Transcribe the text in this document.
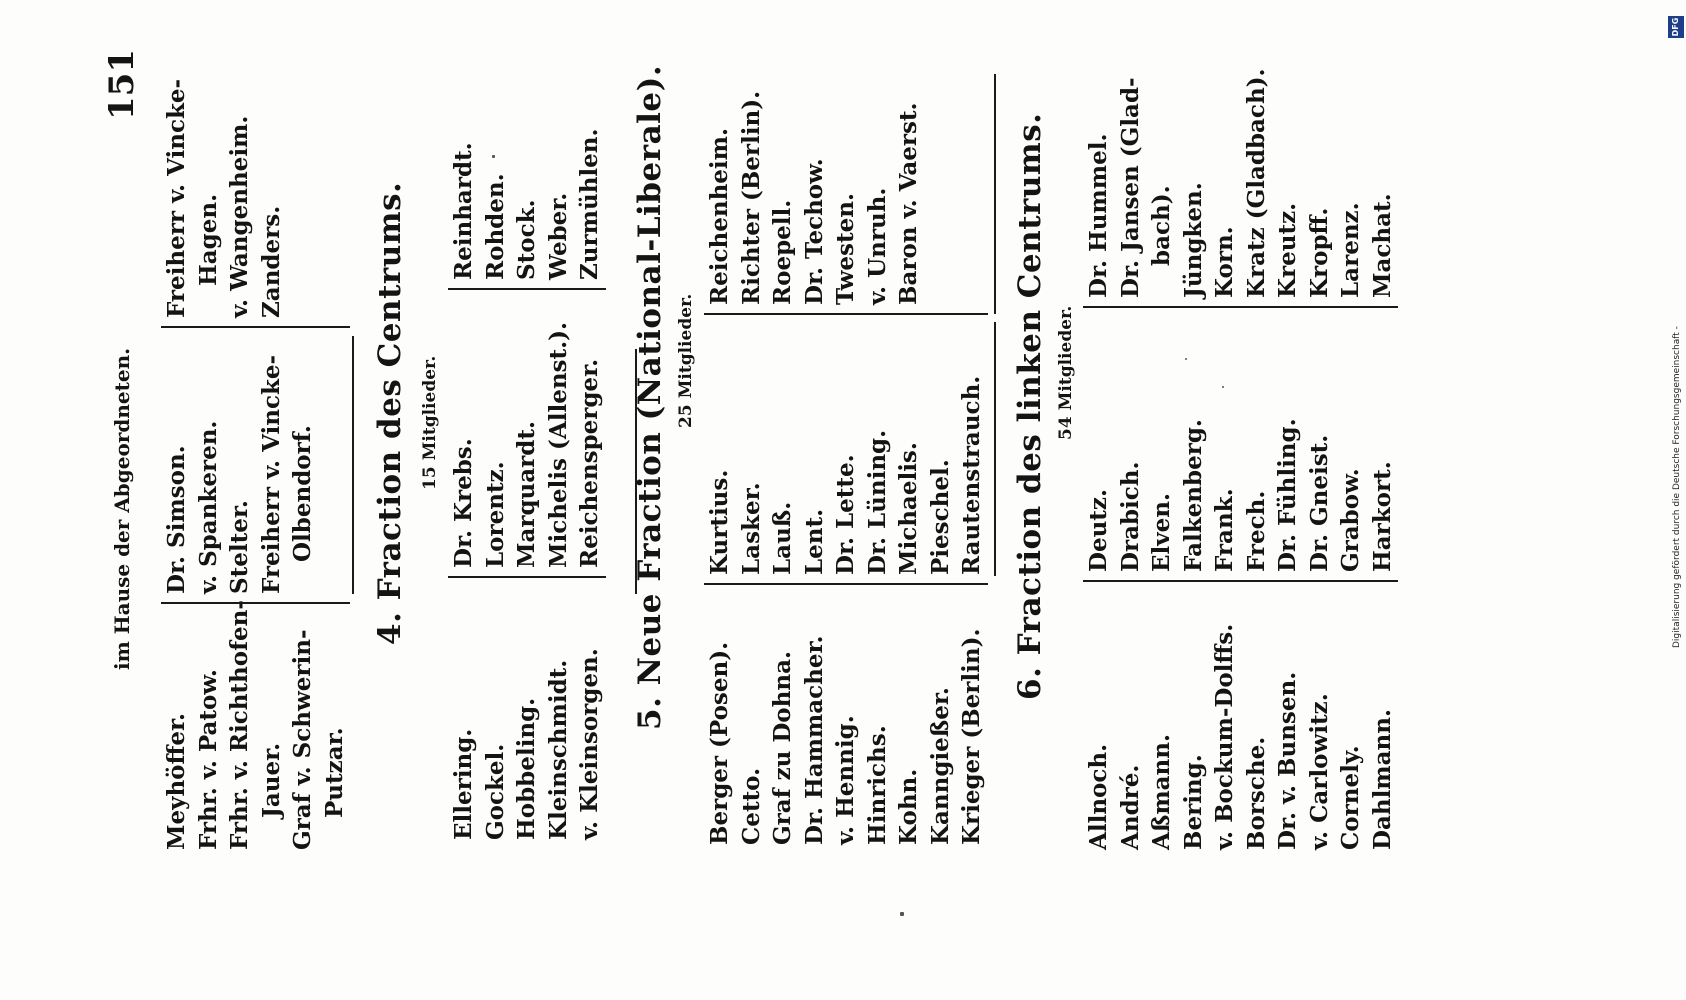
im Hause der Abgeordneten.
151
Meyhöffer. Frhr. v. Patow. Frhr. v. Richthofen- Jauer. Graf v. Schwerin- Putzar.
Dr. Simson. v. Spankeren. Stelter. Freiherr v. Vincke- Olbendorf.
Freiherr v. Vincke- Hagen. v. Wangenheim. Zanders.	4. Fraction des Centrums. 15 Mitglieder.
Ellering. Gockel. Hobbeling. Kleinschmidt. v. Kleinsorgen.
Dr. Krebs. Lorentz. Marquardt. Michelis (Allenst.). Reichensperger.
Reinhardt. Rohden. Stock. Weber. Zurmühlen. 5. Neue Fraction (National-Liberale). 25 Mitglieder.
Berger (Posen). Cetto. Graf zu Dohna. Dr. Hammacher. v. Hennig. Hinrichs. Kohn. Kanngießer. Krieger (Berlin).
Kurtius. Lasker. Lauß. Lent. Dr. Lette. Dr. Lüning. Michaelis. Pieschel. Rautenstrauch.
Reichenheim. Richter (Berlin). Roepell. Dr. Techow. Twesten. v. Unruh. Baron v. Vaerst.	6. Fraction des linken Centrums. 54 Mitglieder.
Allnoch. André. Aßmann. Bering. v. Bockum-Dolffs. Borsche. Dr. v. Bunsen. v. Carlowitz. Cornely. Dahlmann.
Deutz. Drabich. Elven. Falkenberg. Frank. Frech. Dr. Fühling. Dr. Gneist. Grabow. Harkort.
Dr. Hummel. Dr. Jansen (Glad- bach). Jüngken. Korn. Kratz (Gladbach). Kreutz. Kropff. Larenz. Machat.
Digitalisierung gefördert durch die Deutsche Forschungsgemeinschaft -
DFG
